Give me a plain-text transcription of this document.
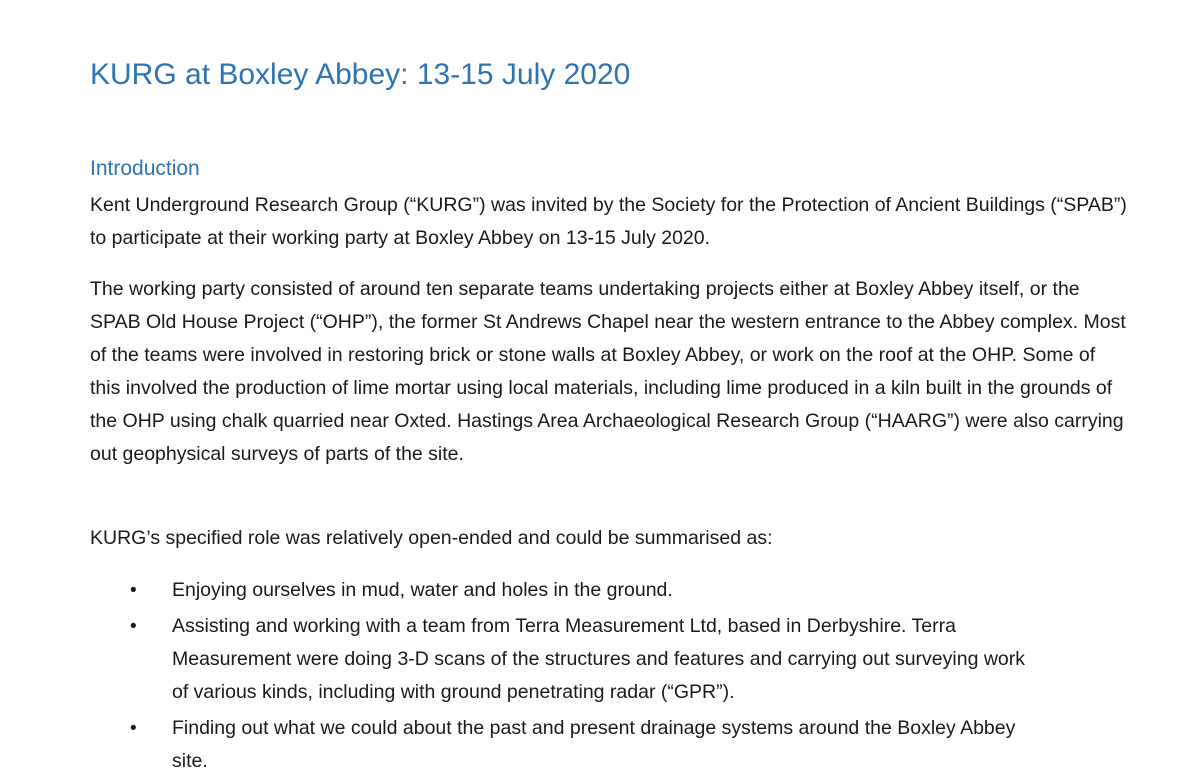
KURG at Boxley Abbey: 13-15 July 2020
Introduction

Kent Underground Research Group (“KURG”) was invited by the Society for the Protection of Ancient Buildings (“SPAB”) to participate at their working party at Boxley Abbey on 13-15 July 2020.

The working party consisted of around ten separate teams undertaking projects either at Boxley Abbey itself, or the SPAB Old House Project (“OHP”), the former St Andrews Chapel near the western entrance to the Abbey complex. Most of the teams were involved in restoring brick or stone walls at Boxley Abbey, or work on the roof at the OHP. Some of this involved the production of lime mortar using local materials, including lime produced in a kiln built in the grounds of the OHP using chalk quarried near Oxted. Hastings Area Archaeological Research Group (“HAARG”) were also carrying out geophysical surveys of parts of the site.

KURG’s specified role was relatively open-ended and could be summarised as:

• Enjoying ourselves in mud, water and holes in the ground.
• Assisting and working with a team from Terra Measurement Ltd, based in Derbyshire. Terra Measurement were doing 3-D scans of the structures and features and carrying out surveying work of various kinds, including with ground penetrating radar (“GPR”).
• Finding out what we could about the past and present drainage systems around the Boxley Abbey site.
